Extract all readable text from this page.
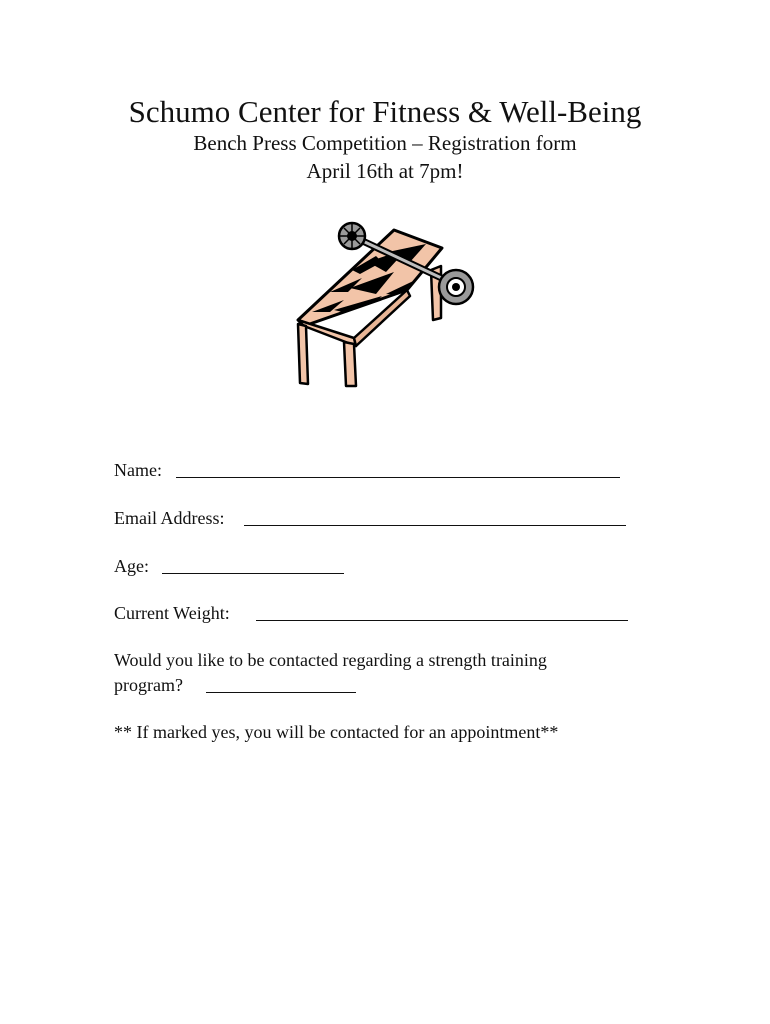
Schumo Center for Fitness & Well-Being

Bench Press Competition – Registration form

April 16th at 7pm!

Name:
Email Address:
Age:
Current Weight:
Would you like to be contacted regarding a strength training
program?
** If marked yes, you will be contacted for an appointment**
